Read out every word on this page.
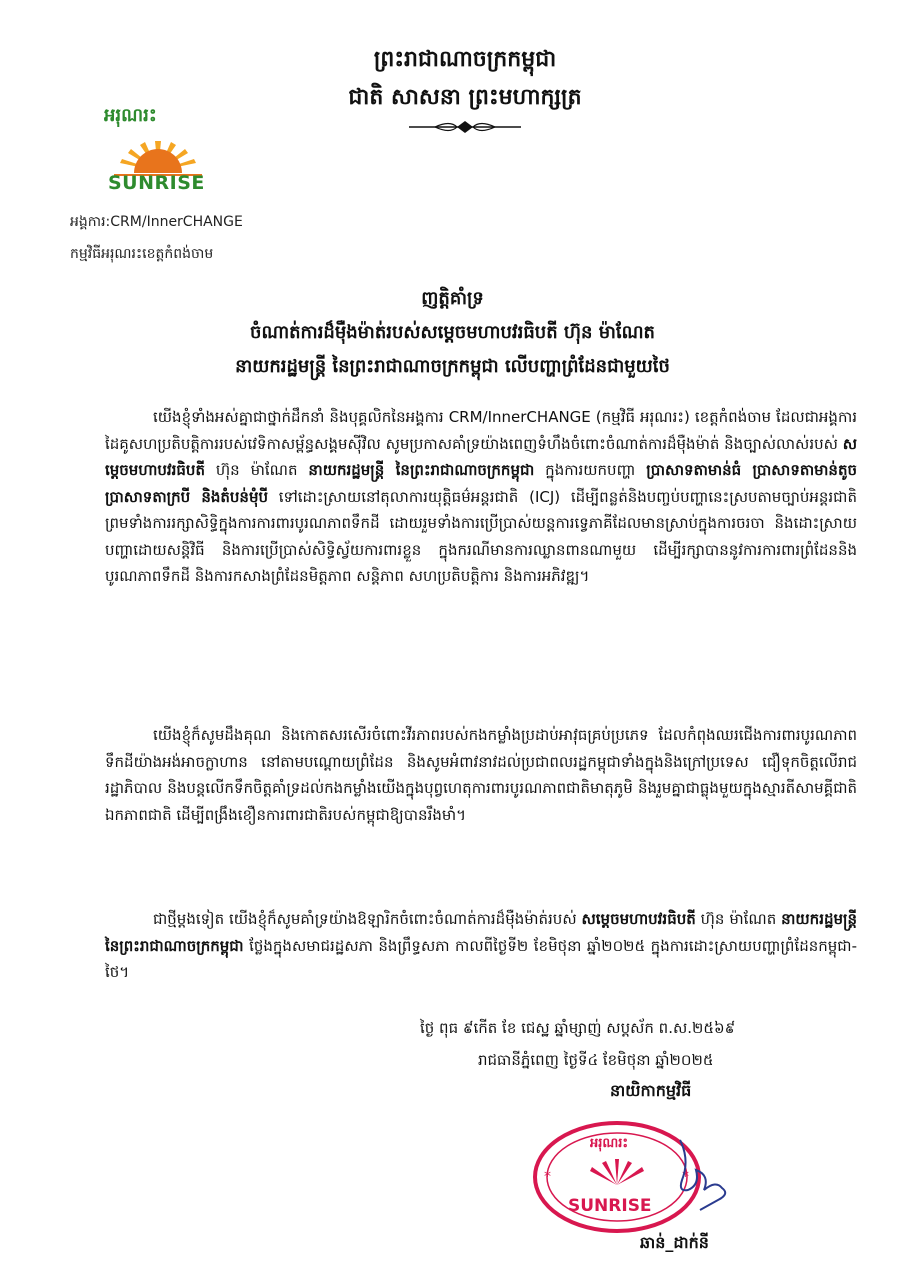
ព្រះរាជាណាចក្រកម្ពុជា
ជាតិ សាសនា ព្រះមហាក្សត្រ
អរុណរះ
SUNRISE
អង្គការ:CRM/InnerCHANGE
កម្មវិធីអរុណរះខេត្តកំពង់ចាម
ញត្តិគាំទ្រ
ចំណាត់ការដ៏មុឺងម៉ាត់របស់សម្តេចមហាបវរធិបតី ហ៊ុន ម៉ាណែត
នាយករដ្ឋមន្ត្រី នៃព្រះរាជាណាចក្រកម្ពុជា លើបញ្ហាព្រំដែនជាមួយថៃ

យើងខ្ញុំទាំងអស់គ្នាជាថ្នាក់ដឹកនាំ និងបុគ្គលិកនៃអង្គការ CRM/InnerCHANGE (កម្មវិធី អរុណរះ) ខេត្តកំពង់ចាម ដែលជាអង្គការដៃគូសហប្រតិបត្តិការរបស់វេទិកាសម្ព័ន្ធសង្គមស៊ីវិល សូមប្រកាសគាំទ្រយ៉ាងពេញទំហឹងចំពោះចំណាត់ការដ៏មុឺងម៉ាត់ និងច្បាស់លាស់របស់ សម្តេចមហាបវរធិបតី ហ៊ុន ម៉ាណែត នាយករដ្ឋមន្ត្រី នៃព្រះរាជាណាចក្រកម្ពុជា ក្នុងការយកបញ្ហា ប្រាសាទតាមាន់ធំ ប្រាសាទតាមាន់តូច ប្រាសាទតាក្របី និងតំបន់មុំបី ទៅដោះស្រាយនៅតុលាការយុត្តិធម៌អន្តរជាតិ (ICJ) ដើម្បីពន្លត់និងបញ្ចប់បញ្ហានេះស្របតាមច្បាប់អន្តរជាតិ ព្រមទាំងការរក្សាសិទ្ធិក្នុងការការពារបូរណភាពទឹកដី ដោយរួមទាំងការប្រើប្រាស់យន្តការទ្វេភាគីដែលមានស្រាប់ក្នុងការចរចា និងដោះស្រាយបញ្ហាដោយសន្តិវិធី និងការប្រើប្រាស់សិទ្ធិស្វ័យការពារខ្លួន ក្នុងករណីមានការឈ្លានពានណាមួយ ដើម្បីរក្សាបាននូវការការពារព្រំដែននិងបូរណភាពទឹកដី និងការកសាងព្រំដែនមិត្តភាព សន្តិភាព សហប្រតិបត្តិការ និងការអភិវឌ្ឍ។

យើងខ្ញុំក៏សូមដឹងគុណ និងកោតសរសើរចំពោះវីរភាពរបស់កងកម្លាំងប្រដាប់អាវុធគ្រប់ប្រភេទ ដែលកំពុងឈរជើងការពារបូរណភាពទឹកដីយ៉ាងអង់អាចក្លាហាន នៅតាមបណ្តោយព្រំដែន និងសូមអំពាវនាវដល់ប្រជាពលរដ្ឋកម្ពុជាទាំងក្នុងនិងក្រៅប្រទេស ជឿទុកចិត្តលើរាជរដ្ឋាភិបាល និងបន្តលើកទឹកចិត្តគាំទ្រដល់កងកម្លាំងយើងក្នុងបុព្វហេតុការពារបូរណភាពជាតិមាតុភូមិ និងរួមគ្នាជាធ្លុងមួយក្នុងស្មារតីសាមគ្គីជាតិ ឯកភាពជាតិ ដើម្បីពង្រឹងខឿនការពារជាតិរបស់កម្ពុជាឱ្យបានរឹងមាំ។

ជាថ្មីម្តងទៀត យើងខ្ញុំក៏សូមគាំទ្រយ៉ាងឱឡារិកចំពោះចំណាត់ការដ៏មុឺងម៉ាត់របស់ សម្តេចមហាបវរធិបតី ហ៊ុន ម៉ាណែត នាយករដ្ឋមន្ត្រីនៃព្រះរាជាណាចក្រកម្ពុជា ថ្លែងក្នុងសមាជរដ្ឋសភា និងព្រឹទ្ធសភា កាលពីថ្ងៃទី២ ខែមិថុនា ឆ្នាំ២០២៥ ក្នុងការដោះស្រាយបញ្ហាព្រំដែនកម្ពុជា-ថៃ។

ថ្ងៃ ពុធ ៩កើត ខែ ជេស្ឋ ឆ្នាំម្សាញ់ សប្តស័ក ព.ស.២៥៦៩
រាជធានីភ្នំពេញ ថ្ងៃទី៤ ខែមិថុនា ឆ្នាំ២០២៥
នាយិកាកម្មវិធី
*	*
អរុណរះ
SUNRISE
ឆាន់_ដាក់នី
